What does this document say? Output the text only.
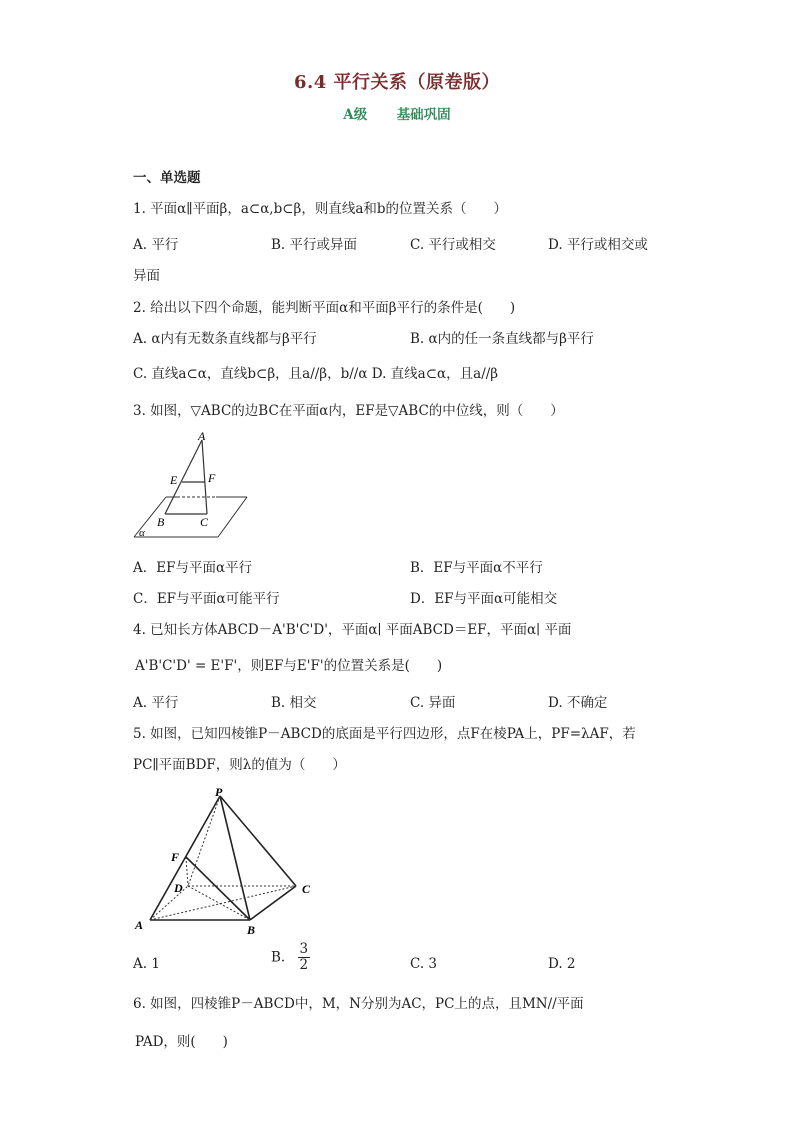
6.4 平行关系（原卷版）
A级 基础巩固
一、单选题
1. 平面α∥平面β，a⊂α,b⊂β，则直线a和b的位置关系（　　）
A. 平行	B. 平行或异面	C. 平行或相交	D. 平行或相交或
异面
2. 给出以下四个命题，能判断平面α和平面β平行的条件是(　　)
A. α内有无数条直线都与β平行	B. α内的任一条直线都与β平行
C. 直线a⊂α，直线b⊂β，且a//β，b//α D. 直线a⊂α，且a//β
3. 如图，▽ABC的边BC在平面α内，EF是▽ABC的中位线，则（　　）
A
E	F
B	C
α
A．EF与平面α平行	B．EF与平面α不平行
C．EF与平面α可能平行	D．EF与平面α可能相交
4. 已知长方体ABCD－A'B'C'D'，平面α∣ 平面ABCD＝EF，平面α∣ 平面
A'B'C'D' = E'F'，则EF与E'F'的位置关系是(　　)
A. 平行	B. 相交	C. 异面	D. 不确定
5. 如图，已知四棱锥P－ABCD的底面是平行四边形，点F在棱PA上，PF=λAF，若
PC∥平面BDF，则λ的值为（　　）
P
F
D	C
A	B
A. 1	B. $\frac{3}{2}$	C. 3	D. 2
6. 如图，四棱锥P－ABCD中，M，N分别为AC，PC上的点，且MN//平面
PAD，则(　　)
